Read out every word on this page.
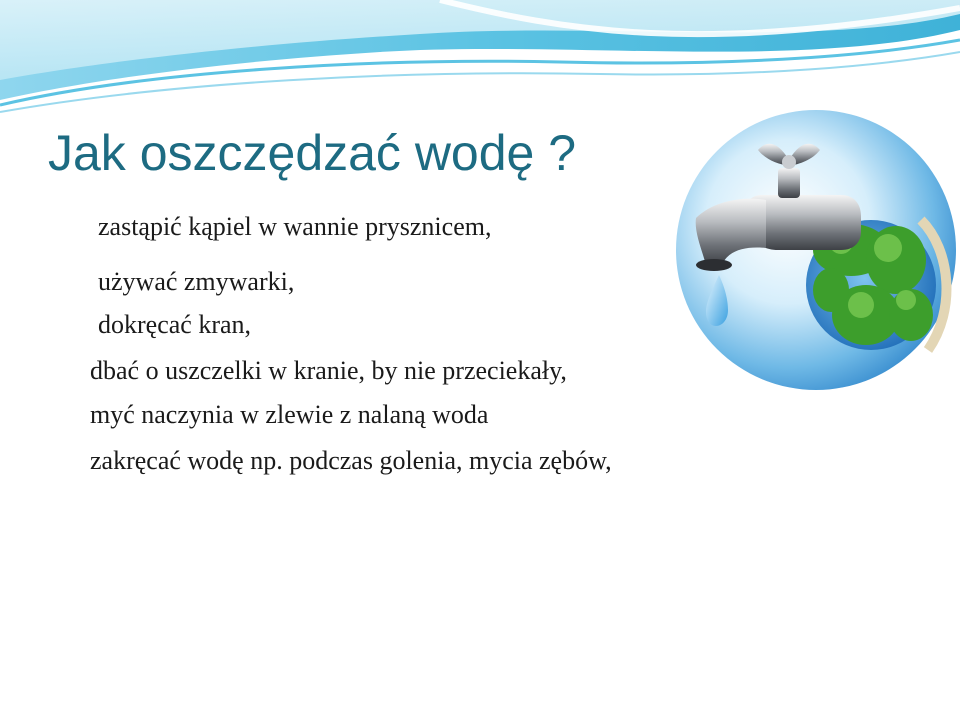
Jak oszczędzać wodę ?
zastąpić kąpiel w wannie prysznicem,
używać zmywarki,
dokręcać kran,
dbać o uszczelki w kranie, by nie przeciekały,
myć naczynia w zlewie z nalaną woda
zakręcać wodę np. podczas golenia, mycia zębów,
